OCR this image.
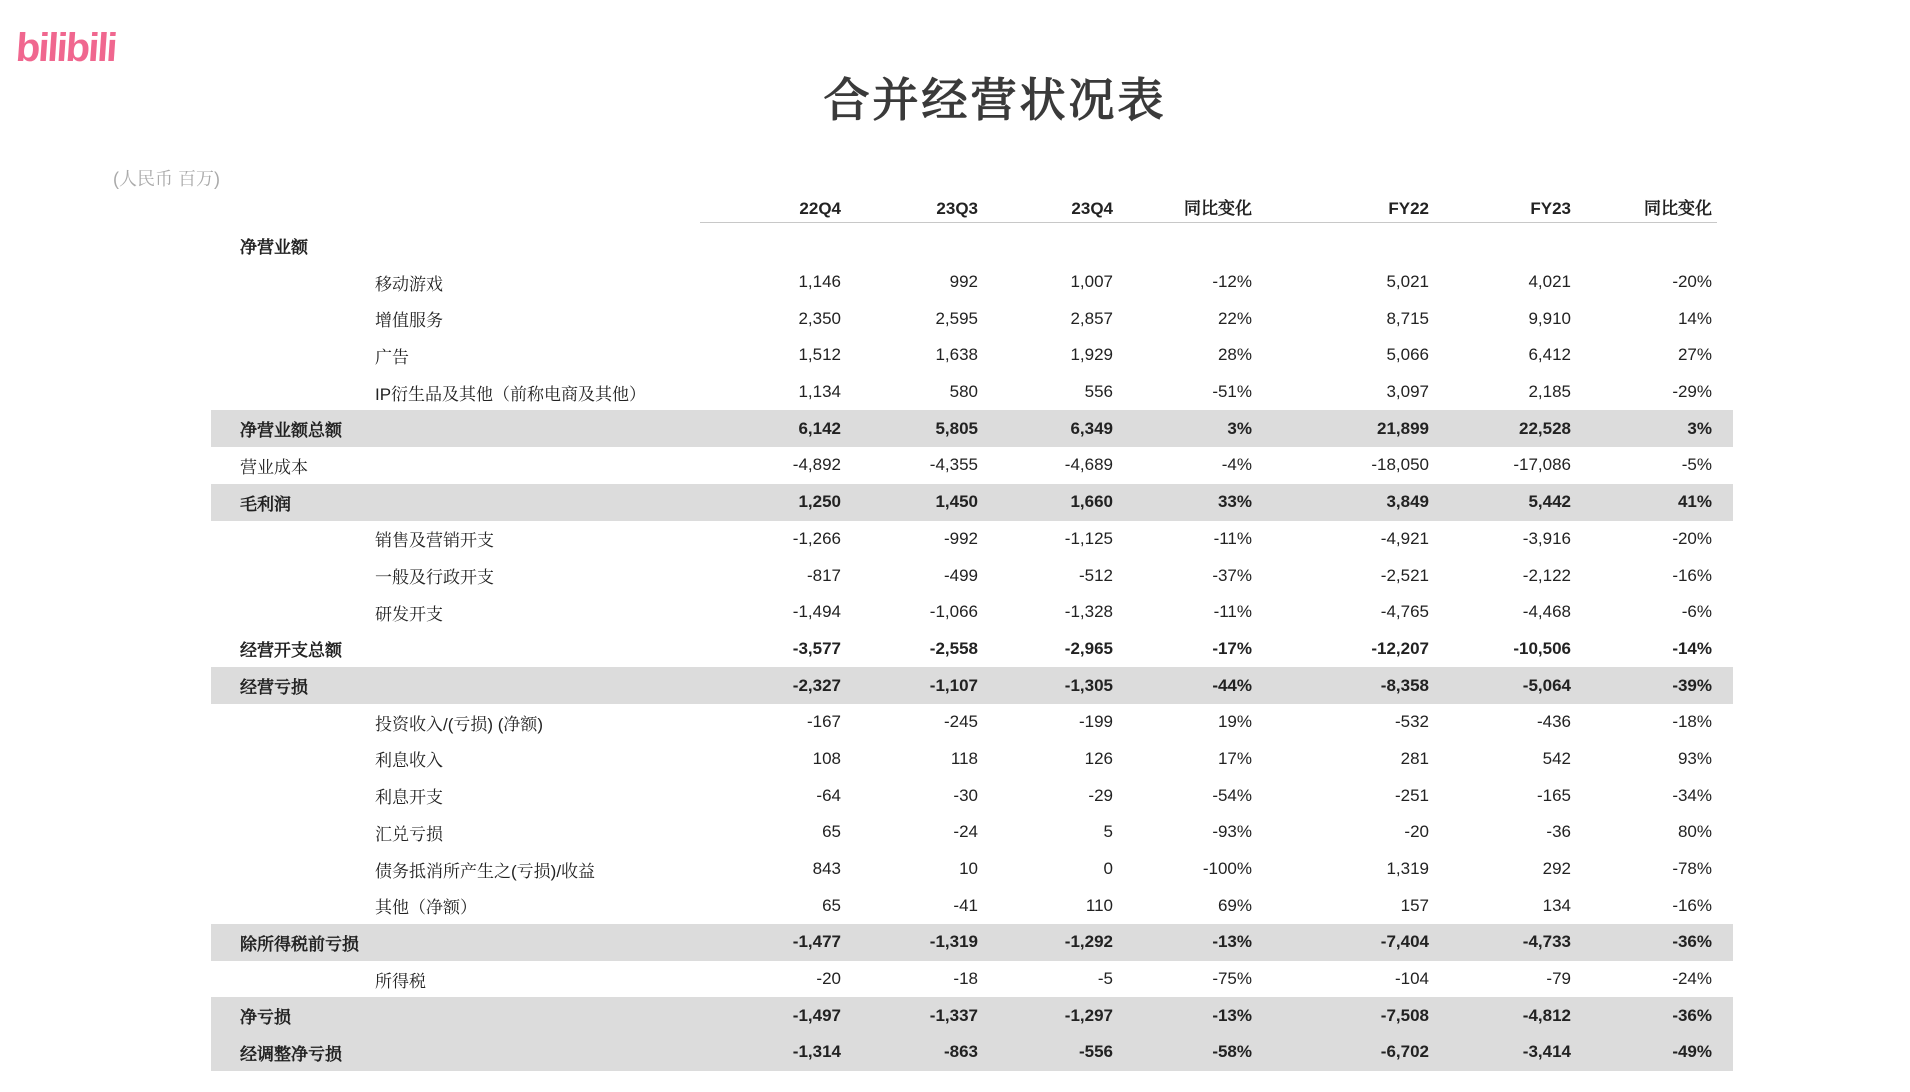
bilibili
合并经营状况表
(人民币 百万)
22Q4	23Q3	23Q4	同比变化	FY22	FY23	同比变化
净营业额
移动游戏	1,146	992	1,007	-12%	5,021	4,021	-20%
增值服务	2,350	2,595	2,857	22%	8,715	9,910	14%
广告	1,512	1,638	1,929	28%	5,066	6,412	27%
IP衍生品及其他（前称电商及其他）	1,134	580	556	-51%	3,097	2,185	-29%
净营业额总额	6,142	5,805	6,349	3%	21,899	22,528	3%
营业成本	-4,892	-4,355	-4,689	-4%	-18,050	-17,086	-5%
毛利润	1,250	1,450	1,660	33%	3,849	5,442	41%
销售及营销开支	-1,266	-992	-1,125	-11%	-4,921	-3,916	-20%
一般及行政开支	-817	-499	-512	-37%	-2,521	-2,122	-16%
研发开支	-1,494	-1,066	-1,328	-11%	-4,765	-4,468	-6%
经营开支总额	-3,577	-2,558	-2,965	-17%	-12,207	-10,506	-14%
经营亏损	-2,327	-1,107	-1,305	-44%	-8,358	-5,064	-39%
投资收入/(亏损) (净额)	-167	-245	-199	19%	-532	-436	-18%
利息收入	108	118	126	17%	281	542	93%
利息开支	-64	-30	-29	-54%	-251	-165	-34%
汇兑亏损	65	-24	5	-93%	-20	-36	80%
债务抵消所产生之(亏损)/收益	843	10	0	-100%	1,319	292	-78%
其他（净额）	65	-41	110	69%	157	134	-16%
除所得税前亏损	-1,477	-1,319	-1,292	-13%	-7,404	-4,733	-36%
所得税	-20	-18	-5	-75%	-104	-79	-24%
净亏损	-1,497	-1,337	-1,297	-13%	-7,508	-4,812	-36%
经调整净亏损	-1,314	-863	-556	-58%	-6,702	-3,414	-49%
